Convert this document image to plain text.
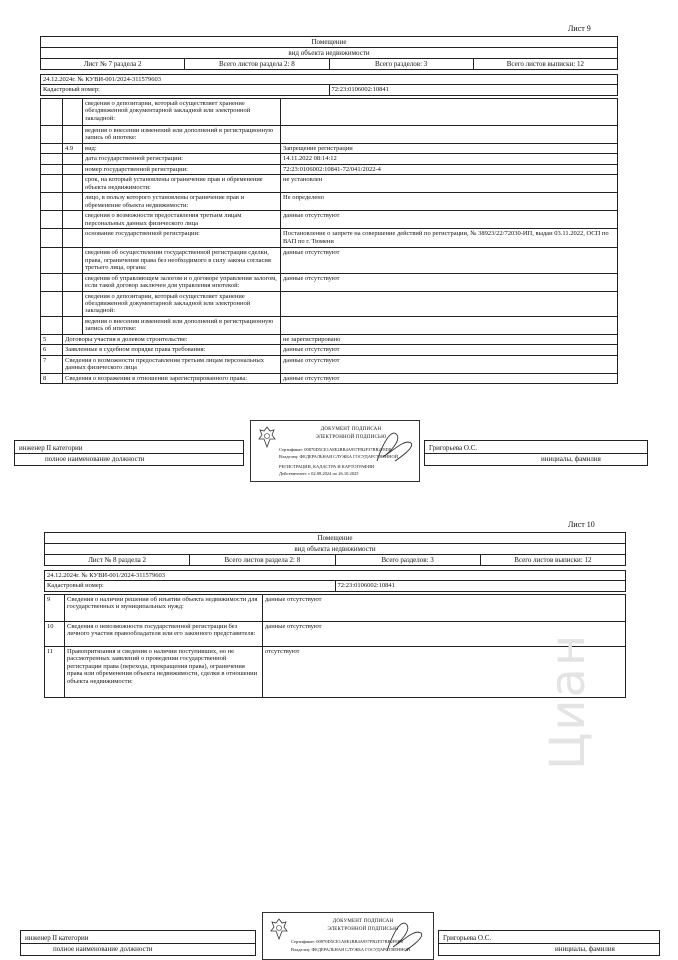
Лист 9
Помещение
вид объекта недвижимости
Лист № 7 раздела 2	Всего листов раздела 2: 8	Всего разделов: 3	Всего листов выписки: 12
24.12.2024г. № КУВИ-001/2024-311579603
Кадастровый номер:	72:23:0106002:10841
		сведения о депозитарии, который осуществляет хранение обездвиженной документарной закладной или электронной закладной:	
		ведения о внесении изменений или дополнений в регистрационную запись об ипотеке:	
	4.9	вид:	Запрещение регистрации
		дата государственной регистрации:	14.11.2022 08:14:12
		номер государственной регистрации:	72:23:0106002:10841-72/041/2022-4
		срок, на который установлены ограничение прав и обременение объекта недвижимости:	не установлен
		лицо, в пользу которого установлены ограничение прав и обременение объекта недвижимости:	Не определено
		сведения о возможности предоставления третьим лицам персональных данных физического лица	данные отсутствуют
		основание государственной регистрации:	Постановление о запрете на совершение действий по регистрации, № 38923/22/72030-ИП, выдан 03.11.2022, ОСП по ВАП по г. Тюмени
		сведения об осуществлении государственной регистрации сделки, права, ограничения права без необходимого в силу закона согласия третьего лица, органа:	данные отсутствуют
		сведения об управляющем залогом и о договоре управления залогом, если такой договор заключен для управления ипотекой:	данные отсутствуют
		сведения о депозитарии, который осуществляет хранение обездвиженной документарной закладной или электронной закладной:	
		ведения о внесении изменений или дополнений в регистрационную запись об ипотеке:	
5	Договоры участия в долевом строительстве:		не зарегистрировано
6	Заявленные в судебном порядке права требования:		данные отсутствуют
7	Сведения о возможности предоставления третьим лицам персональных данных физического лица		данные отсутствуют
8	Сведения о возражении в отношении зарегистрированного права:		данные отсутствуют
инженер II категории
полное наименование должности
ДОКУМЕНТ ПОДПИСАН
ЭЛЕКТРОННОЙ ПОДПИСЬЮ
Сертификат: 00870D5CE1A8E2BB4A957FB2F37BB2F8D8
Владелец: ФЕДЕРАЛЬНАЯ СЛУЖБА ГОСУДАРСТВЕННОЙ
РЕГИСТРАЦИИ, КАДАСТРА И КАРТОГРАФИИ
Действителен: с 02.08.2024 по 26.10.2025
Григорьева О.С.
инициалы, фамилия
Лист 10
Помещение
вид объекта недвижимости
Лист № 8 раздела 2	Всего листов раздела 2: 8	Всего разделов: 3	Всего листов выписки: 12
24.12.2024г. № КУВИ-001/2024-311579603
Кадастровый номер:	72:23:0106002:10841
9	Сведения о наличии решения об изъятии объекта недвижимости для государственных и муниципальных нужд:	данные отсутствуют
10	Сведения о невозможности государственной регистрации без личного участия правообладателя или его законного представителя:	данные отсутствуют
11	Правопритязания и сведения о наличии поступивших, но не рассмотренных заявлений о проведении государственной регистрации права (перехода, прекращения права), ограничения права или обременения объекта недвижимости, сделки в отношении объекта недвижимости:	отсутствуют	Циан
инженер II категории
полное наименование должности
ДОКУМЕНТ ПОДПИСАН
ЭЛЕКТРОННОЙ ПОДПИСЬЮ
Сертификат: 00870D5CE1A8E2BB4A957FB2F37BB2F8D8
Владелец: ФЕДЕРАЛЬНАЯ СЛУЖБА ГОСУДАРСТВЕННОЙ
Григорьева О.С.
инициалы, фамилия
